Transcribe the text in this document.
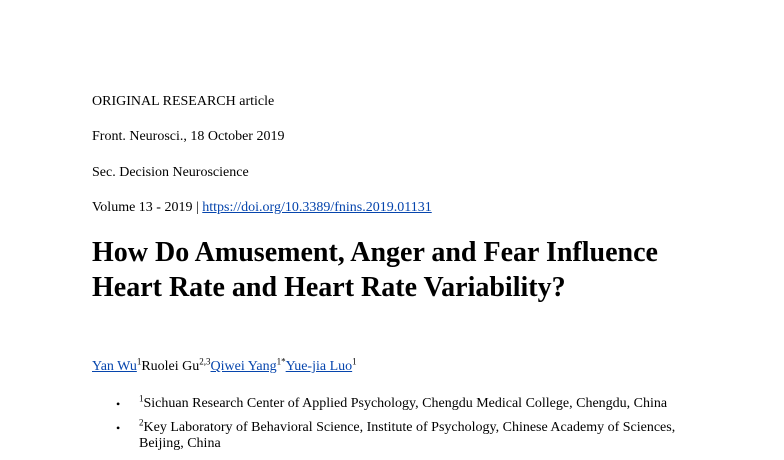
ORIGINAL RESEARCH article
Front. Neurosci., 18 October 2019
Sec. Decision Neuroscience
Volume 13 - 2019 | https://doi.org/10.3389/fnins.2019.01131
How Do Amusement, Anger and Fear Influence Heart Rate and Heart Rate Variability?
Yan Wu$^1$Ruolei Gu$^{2,3}$Qiwei Yang$^{1*}$Yue-jia Luo$^1$
• $^1$Sichuan Research Center of Applied Psychology, Chengdu Medical College, Chengdu, China
• $^2$Key Laboratory of Behavioral Science, Institute of Psychology, Chinese Academy of Sciences, Beijing, China
